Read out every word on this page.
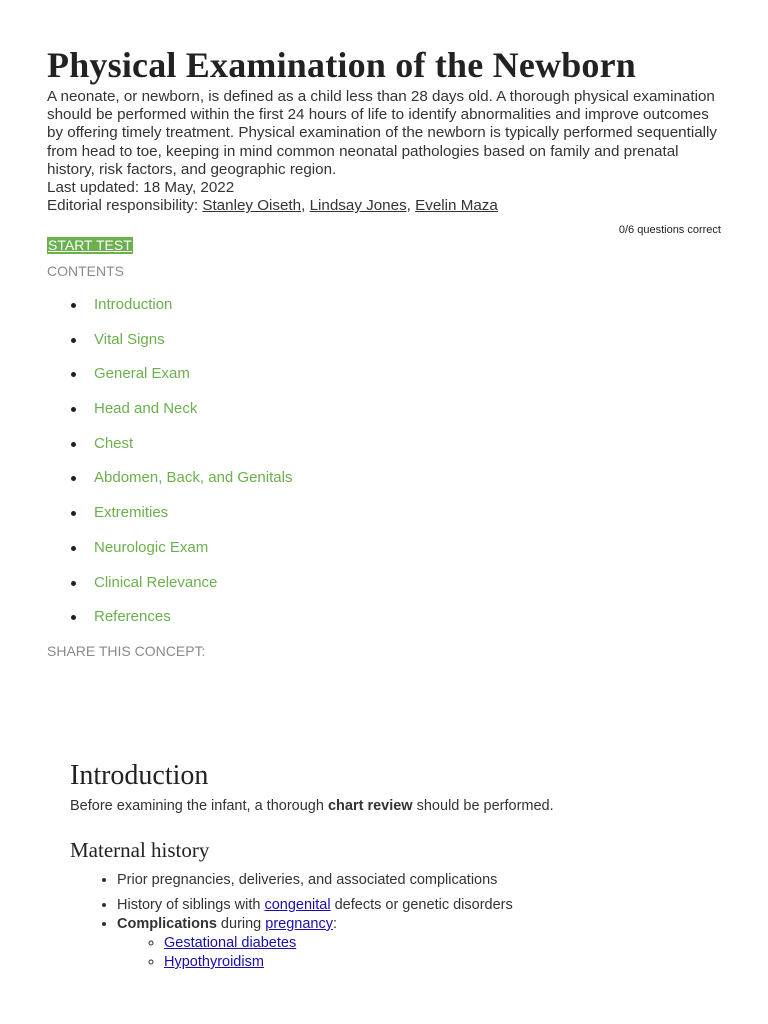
Physical Examination of the Newborn

A neonate, or newborn, is defined as a child less than 28 days old. A thorough physical examination should be performed within the first 24 hours of life to identify abnormalities and improve outcomes by offering timely treatment. Physical examination of the newborn is typically performed sequentially from head to toe, keeping in mind common neonatal pathologies based on family and prenatal history, risk factors, and geographic region.

Last updated: 18 May, 2022

Editorial responsibility: Stanley Oiseth, Lindsay Jones, Evelin Maza

0/6 questions correct
START TEST
CONTENTS
Introduction
Vital Signs
General Exam
Head and Neck
Chest
Abdomen, Back, and Genitals
Extremities
Neurologic Exam
Clinical Relevance
References
SHARE THIS CONCEPT:
Introduction

Before examining the infant, a thorough chart review should be performed.

Maternal history
• Prior pregnancies, deliveries, and associated complications
• History of siblings with congenital defects or genetic disorders
• Complications during pregnancy:
◦ Gestational diabetes
◦ Hypothyroidism
